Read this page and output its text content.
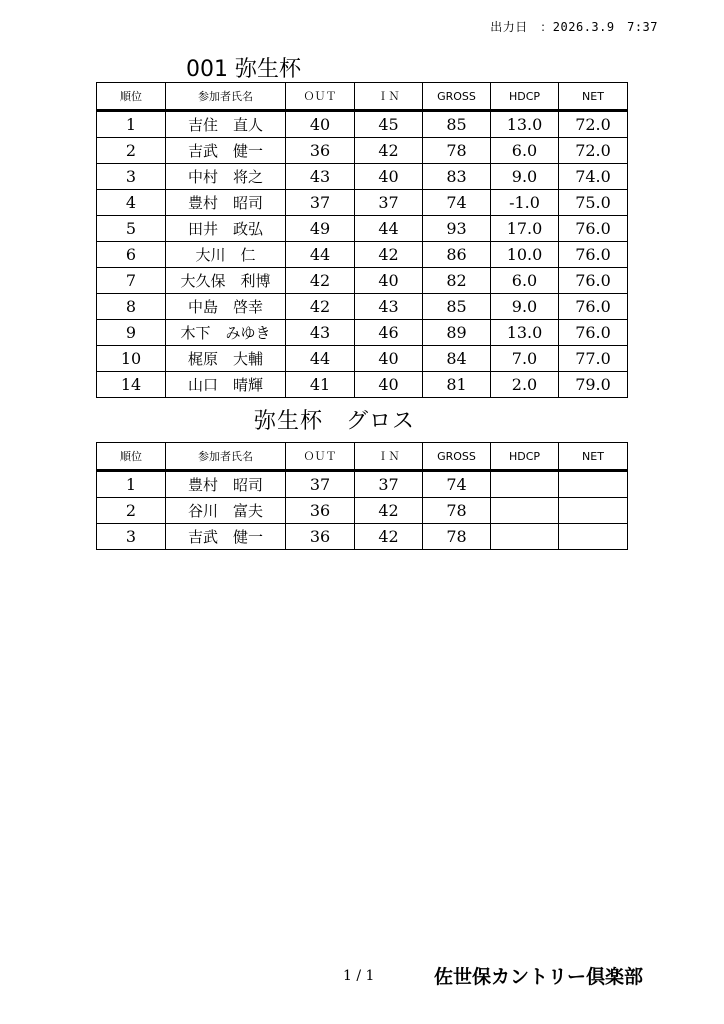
出力日　：2026.3.9　7:37
001 弥生杯
順位	参加者氏名	ＯＵＴ	ＩＮ	GROSS	HDCP	NET
1	吉住　直人	40	45	85	13.0	72.0
2	吉武　健一	36	42	78	6.0	72.0
3	中村　将之	43	40	83	9.0	74.0
4	豊村　昭司	37	37	74	-1.0	75.0
5	田井　政弘	49	44	93	17.0	76.0
6	大川　仁	44	42	86	10.0	76.0
7	大久保　利博	42	40	82	6.0	76.0
8	中島　啓幸	42	43	85	9.0	76.0
9	木下　みゆき	43	46	89	13.0	76.0
10	梶原　大輔	44	40	84	7.0	77.0
14	山口　晴輝	41	40	81	2.0	79.0
弥生杯　グロス
順位	参加者氏名	ＯＵＴ	ＩＮ	GROSS	HDCP	NET
1	豊村　昭司	37	37	74		
2	谷川　富夫	36	42	78		
3	吉武　健一	36	42	78		
1 / 1	佐世保カントリー倶楽部
